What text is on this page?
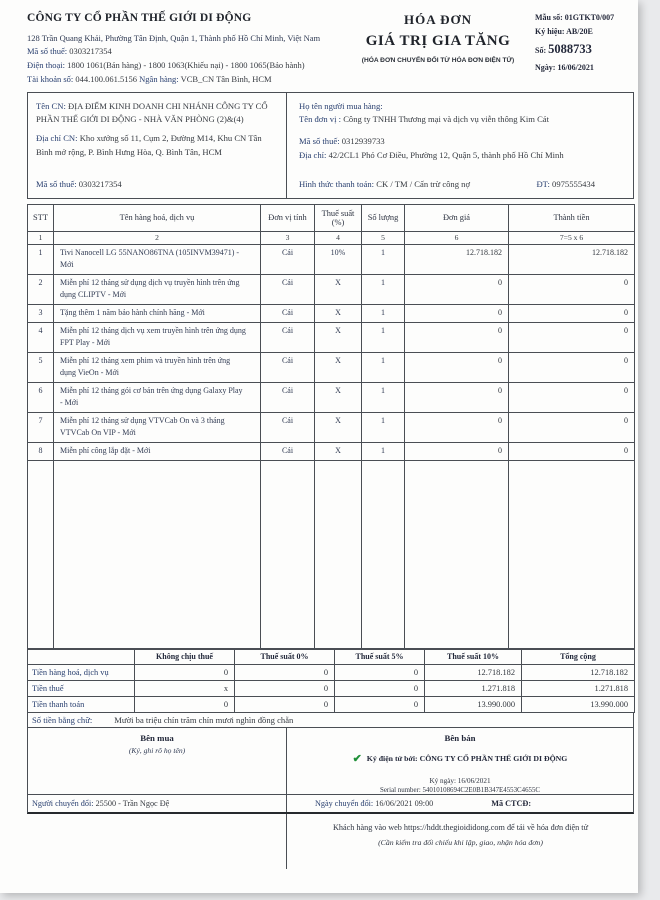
CÔNG TY CỔ PHẦN THẾ GIỚI DI ĐỘNG
128 Trần Quang Khải, Phường Tân Định, Quận 1, Thành phố Hồ Chí Minh, Việt Nam
Mã số thuế: 0303217354
Điện thoại: 1800 1061(Bán hàng) - 1800 1063(Khiếu nại) - 1800 1065(Bảo hành)
Tài khoản số: 044.100.061.5156 Ngân hàng: VCB_CN Tân Bình, HCM
HÓA ĐƠN
GIÁ TRỊ GIA TĂNG
(HÓA ĐƠN CHUYỂN ĐỔI TỪ HÓA ĐƠN ĐIỆN TỬ)
Mẫu số: 01GTKT0/007
Ký hiệu: AB/20E
Số: 5088733
Ngày: 16/06/2021
Tên CN: ĐỊA ĐIỂM KINH DOANH CHI NHÁNH CÔNG TY CỔ PHẦN THẾ GIỚI DI ĐỘNG - NHÀ VĂN PHÒNG (2)&(4)
Địa chỉ CN: Kho xưởng số 11, Cụm 2, Đường M14, Khu CN Tân Bình mở rộng, P. Bình Hưng Hòa, Q. Bình Tân, HCM
Mã số thuế: 0303217354
Họ tên người mua hàng:
Tên đơn vị : Công ty TNHH Thương mại và dịch vụ viễn thông Kim Cát
Mã số thuế: 0312939733
Địa chỉ: 42/2CL1 Phó Cơ Điều, Phường 12, Quận 5, thành phố Hồ Chí Minh
Hình thức thanh toán: CK / TM / Cấn trừ công nợ	ĐT: 0975555434
STT	Tên hàng hoá, dịch vụ	Đơn vị tính	Thuế suất (%)	Số lượng	Đơn giá	Thành tiền
1	2	3	4	5	6	7=5 x 6
1	Tivi Nanocell LG 55NANO86TNA (105INVM39471) - Mới	Cái	10%	1	12.718.182	12.718.182
2	Miễn phí 12 tháng sử dụng dịch vụ truyền hình trên ứng dụng CLIPTV - Mới	Cái	X	1	0	0
3	Tặng thêm 1 năm bảo hành chính hãng - Mới	Cái	X	1	0	0
4	Miễn phí 12 tháng dịch vụ xem truyền hình trên ứng dụng FPT Play - Mới	Cái	X	1	0	0
5	Miễn phí 12 tháng xem phim và truyền hình trên ứng dụng VieOn - Mới	Cái	X	1	0	0
6	Miễn phí 12 tháng gói cơ bản trên ứng dụng Galaxy Play - Mới	Cái	X	1	0	0
7	Miễn phí 12 tháng sử dụng VTVCab On và 3 tháng VTVCab On VIP - Mới	Cái	X	1	0	0
8	Miễn phí công lắp đặt - Mới	Cái	X	1	0	0

	Không chịu thuế	Thuế suất 0%	Thuế suất 5%	Thuế suất 10%	Tổng cộng
Tiền hàng hoá, dịch vụ	0	0	0	12.718.182	12.718.182
Tiền thuế	x	0	0	1.271.818	1.271.818
Tiền thanh toán	0	0	0	13.990.000	13.990.000
Số tiền bằng chữ:	Mười ba triệu chín trăm chín mươi nghìn đồng chẵn
Bên mua
(Ký, ghi rõ họ tên)
Bên bán
✔ Ký điện tử bởi: CÔNG TY CỔ PHẦN THẾ GIỚI DI ĐỘNG
Ký ngày: 16/06/2021
Serial number: 54010108694C2E0B1B347E4553C4655C
Người chuyển đổi:
25500 - Trần Ngọc Đệ	Ngày chuyển đổi: 16/06/2021 09:00	Mã CTCĐ:
Khách hàng vào web https://hddt.thegioididong.com để tải về hóa đơn điện tử
(Cần kiểm tra đối chiếu khi lập, giao, nhận hóa đơn)
